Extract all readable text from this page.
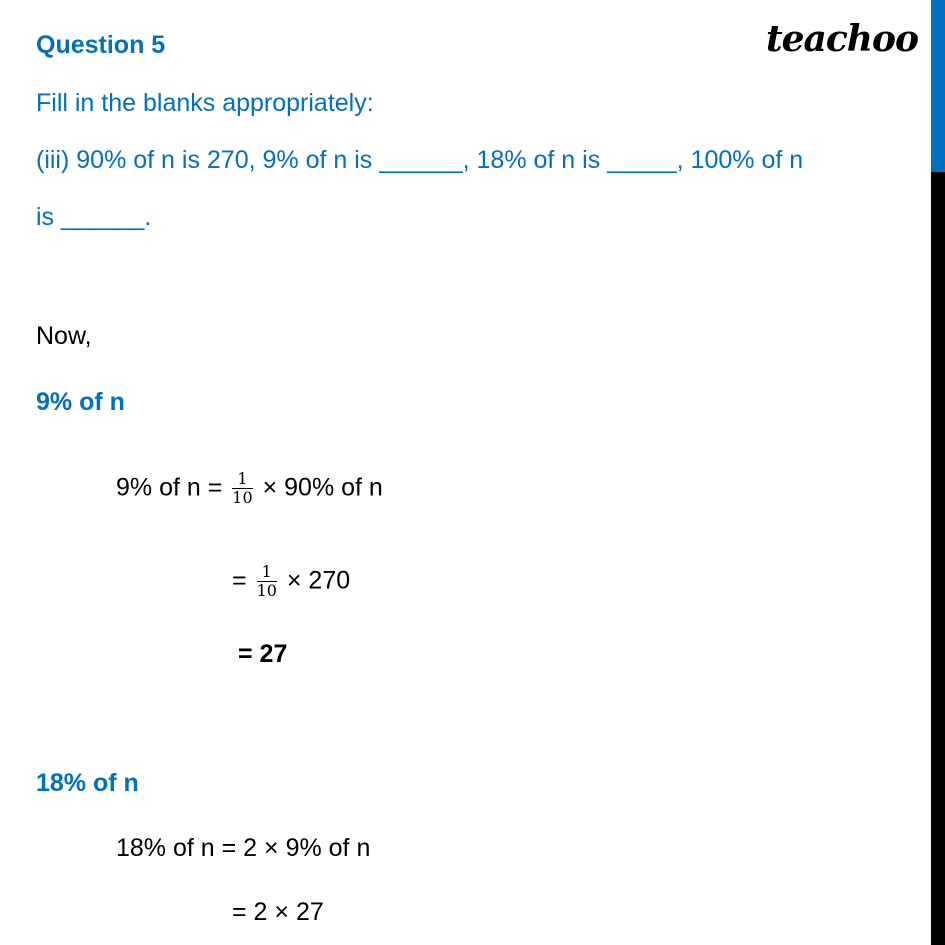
teachoo
Question 5
Fill in the blanks appropriately:
(iii) 90% of n is 270, 9% of n is ______, 18% of n is _____, 100% of n
is ______.
Now,
9% of n
9% of $n = \frac{1}{10} \times 90\%$ of n
= $\frac{1}{10} \times 270$
= 27
18% of n
18% of n = 2 × 9% of n
= 2 × 27
